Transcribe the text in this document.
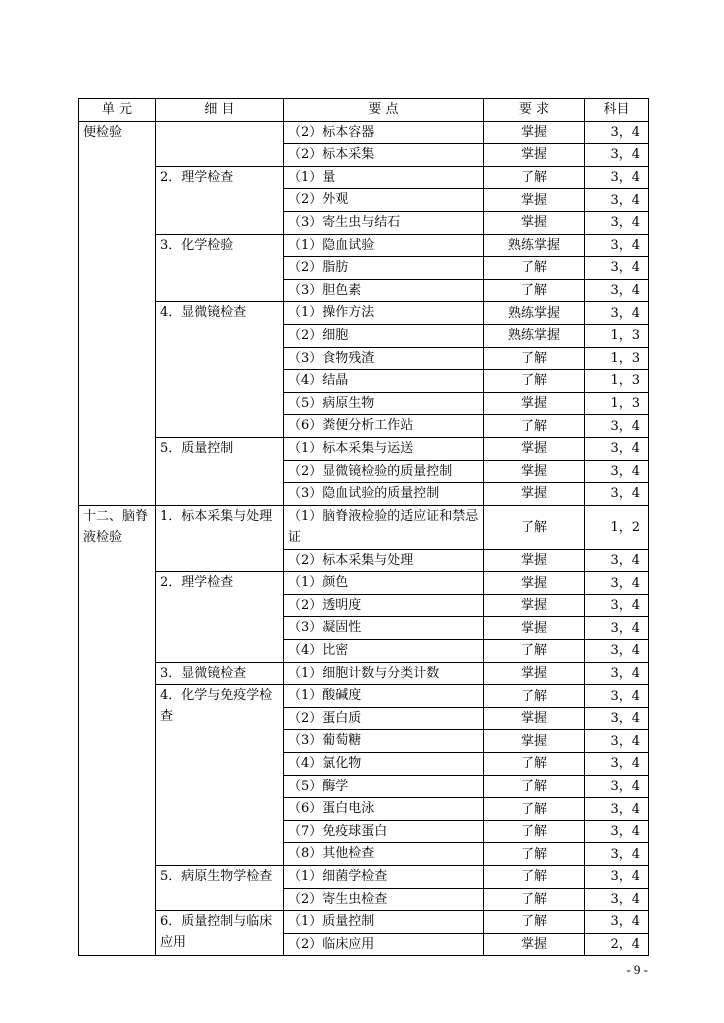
单 元	细 目	要 点	要 求	科目
便检验		（2）标本容器	掌握	3，4
		（2）标本采集	掌握	3，4
	2．理学检查	（1）量	了解	3，4
		（2）外观	掌握	3，4
		（3）寄生虫与结石	掌握	3，4
	3．化学检验	（1）隐血试验	熟练掌握	3，4
		（2）脂肪	了解	3，4
		（3）胆色素	了解	3，4
	4．显微镜检查	（1）操作方法	熟练掌握	3，4
		（2）细胞	熟练掌握	1，3
		（3）食物残渣	了解	1，3
		（4）结晶	了解	1，3
		（5）病原生物	掌握	1，3
		（6）粪便分析工作站	了解	3，4
	5．质量控制	（1）标本采集与运送	掌握	3，4
		（2）显微镜检验的质量控制	掌握	3，4
		（3）隐血试验的质量控制	掌握	3，4
十二、脑脊液检验	1．标本采集与处理	（1）脑脊液检验的适应证和禁忌证	了解	1，2
		（2）标本采集与处理	掌握	3，4
	2．理学检查	（1）颜色	掌握	3，4
		（2）透明度	掌握	3，4
		（3）凝固性	掌握	3，4
		（4）比密	了解	3，4
	3．显微镜检查	（1）细胞计数与分类计数	掌握	3，4
	4．化学与免疫学检查	（1）酸碱度	了解	3，4
		（2）蛋白质	掌握	3，4
		（3）葡萄糖	掌握	3，4
		（4）氯化物	了解	3，4
		（5）酶学	了解	3，4
		（6）蛋白电泳	了解	3，4
		（7）免疫球蛋白	了解	3，4
		（8）其他检查	了解	3，4
	5．病原生物学检查	（1）细菌学检查	了解	3，4
		（2）寄生虫检查	了解	3，4
	6．质量控制与临床应用	（1）质量控制	了解	3，4
		（2）临床应用	掌握	2，4
- 9 -
